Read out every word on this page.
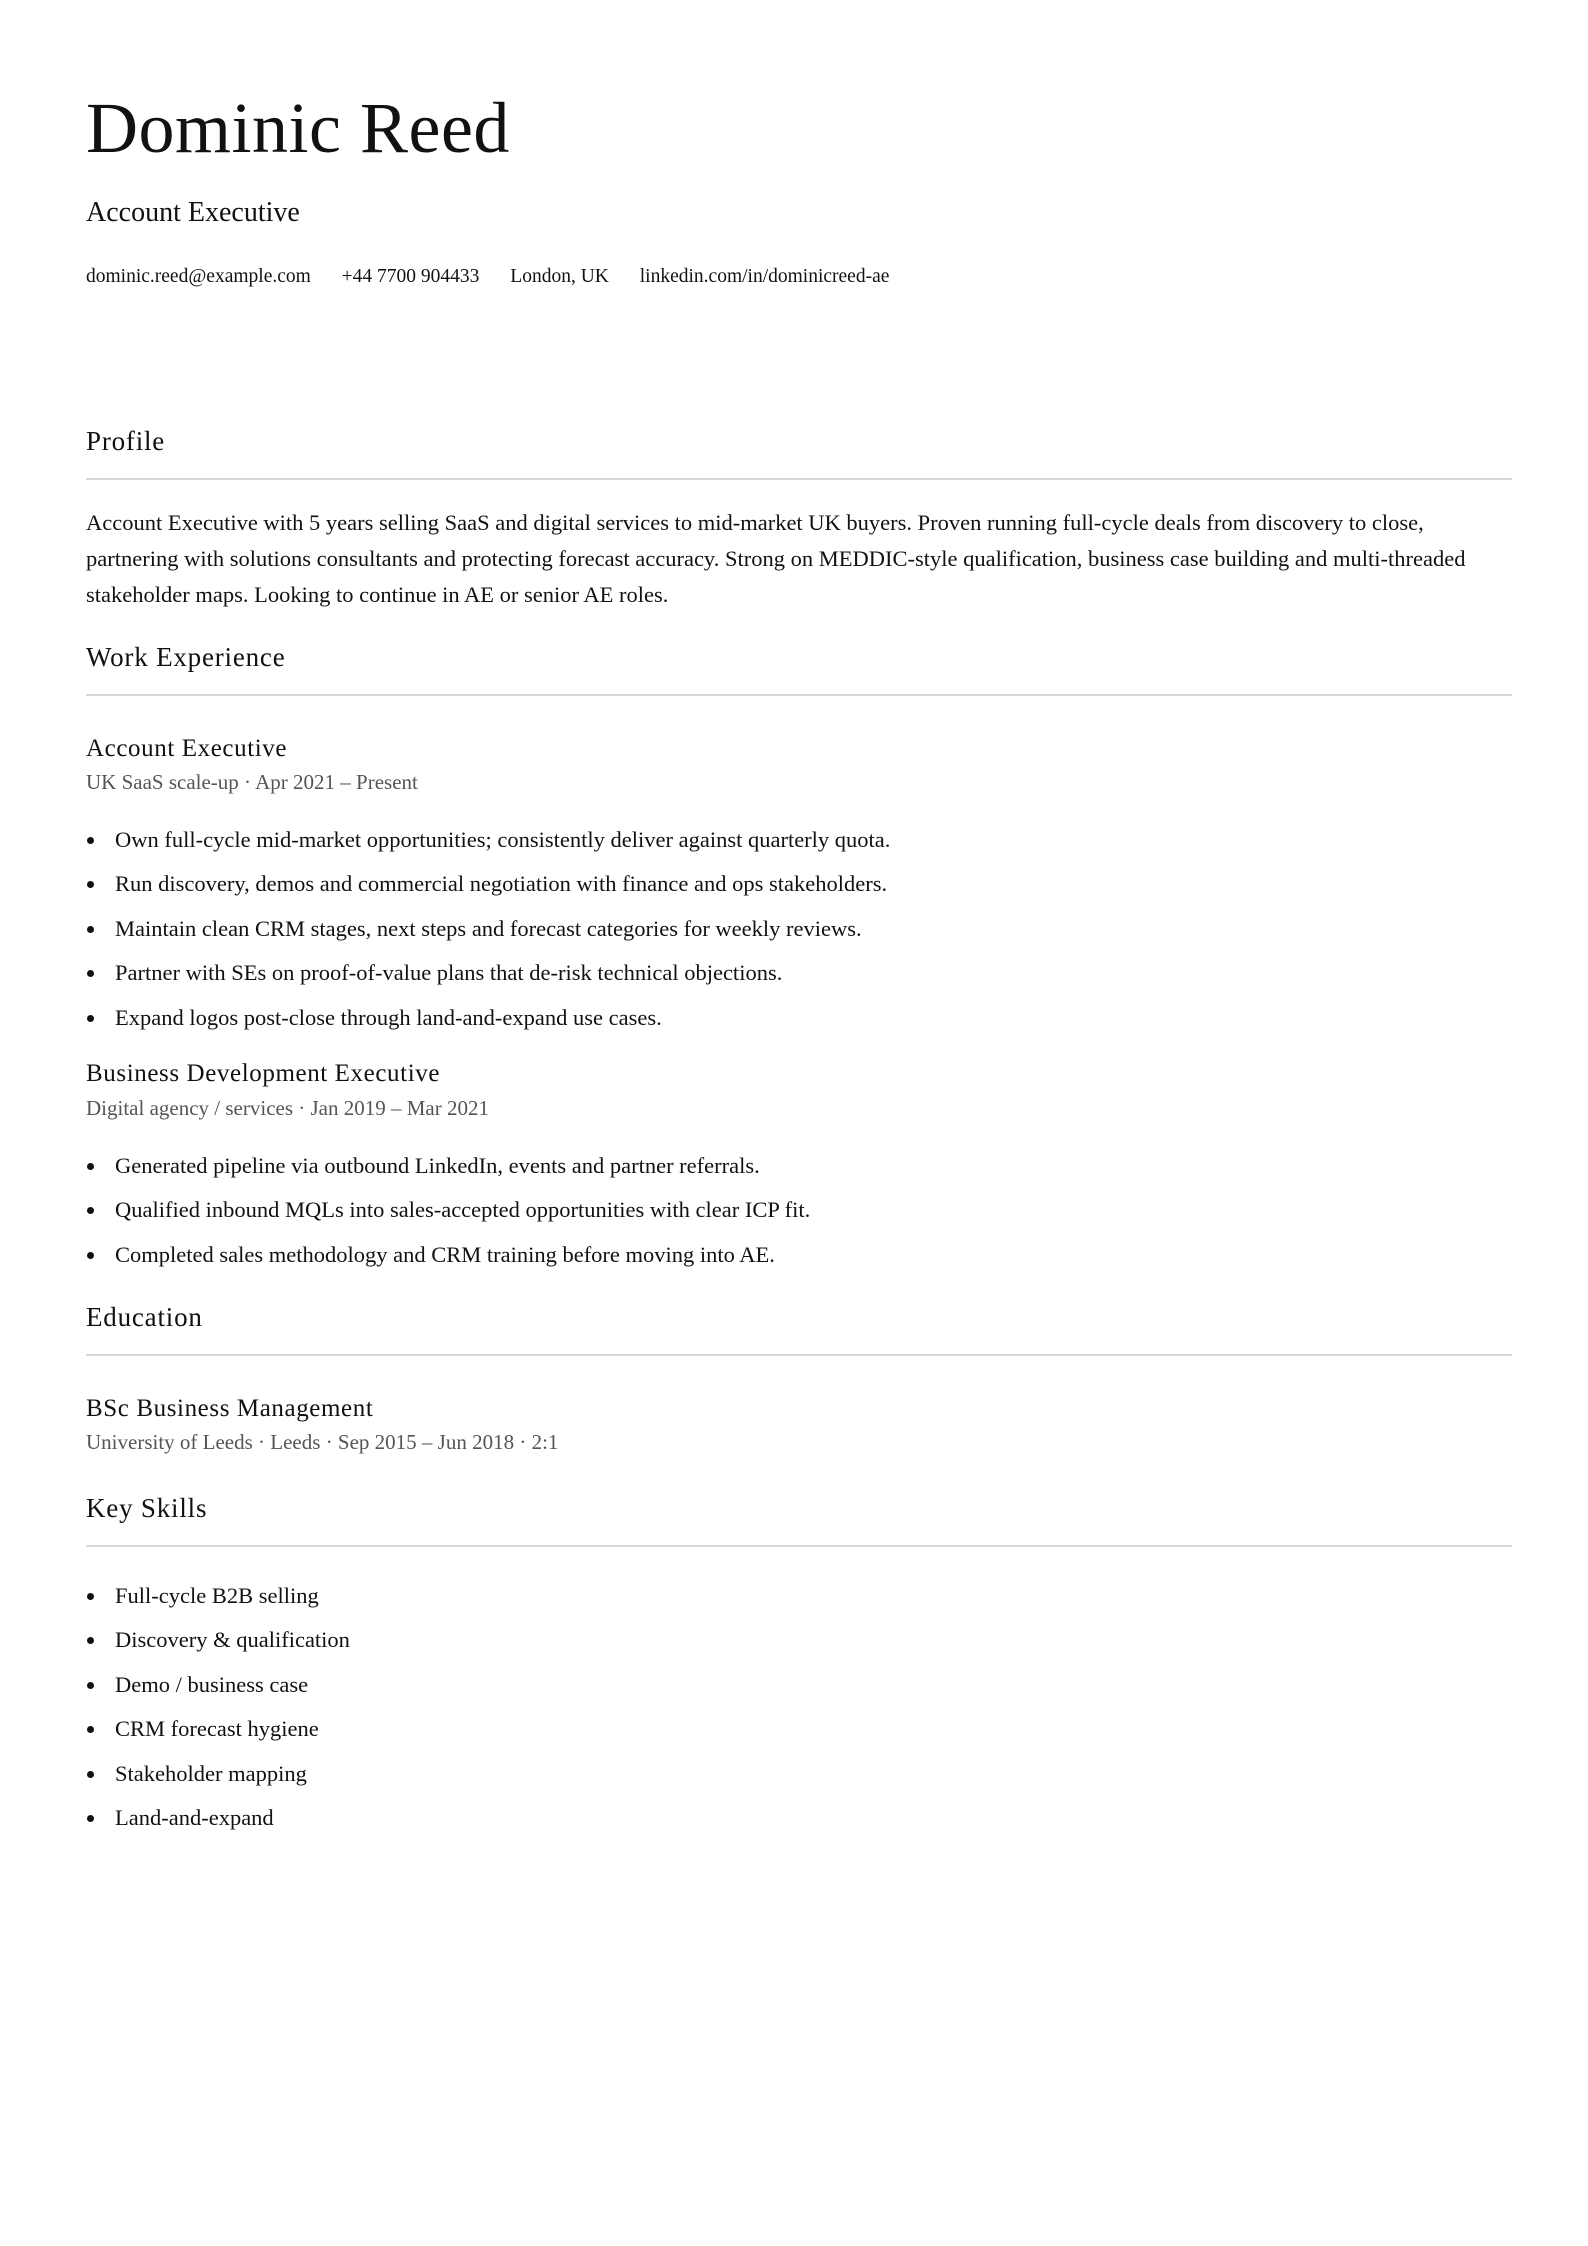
Dominic Reed
Account Executive
dominic.reed@example.com +44 7700 904433 London, UK linkedin.com/in/dominicreed-ae
Profile

Account Executive with 5 years selling SaaS and digital services to mid-market UK buyers. Proven running full-cycle deals from discovery to close, partnering with solutions consultants and protecting forecast accuracy. Strong on MEDDIC-style qualification, business case building and multi-threaded stakeholder maps. Looking to continue in AE or senior AE roles.

Work Experience
Account Executive
UK SaaS scale-up · Apr 2021 – Present
Own full-cycle mid-market opportunities; consistently deliver against quarterly quota.
Run discovery, demos and commercial negotiation with finance and ops stakeholders.
Maintain clean CRM stages, next steps and forecast categories for weekly reviews.
Partner with SEs on proof-of-value plans that de-risk technical objections.
Expand logos post-close through land-and-expand use cases.
Business Development Executive
Digital agency / services · Jan 2019 – Mar 2021
Generated pipeline via outbound LinkedIn, events and partner referrals.
Qualified inbound MQLs into sales-accepted opportunities with clear ICP fit.
Completed sales methodology and CRM training before moving into AE.
Education
BSc Business Management
University of Leeds · Leeds · Sep 2015 – Jun 2018 · 2:1
Key Skills
Full-cycle B2B selling
Discovery & qualification
Demo / business case
CRM forecast hygiene
Stakeholder mapping
Land-and-expand
